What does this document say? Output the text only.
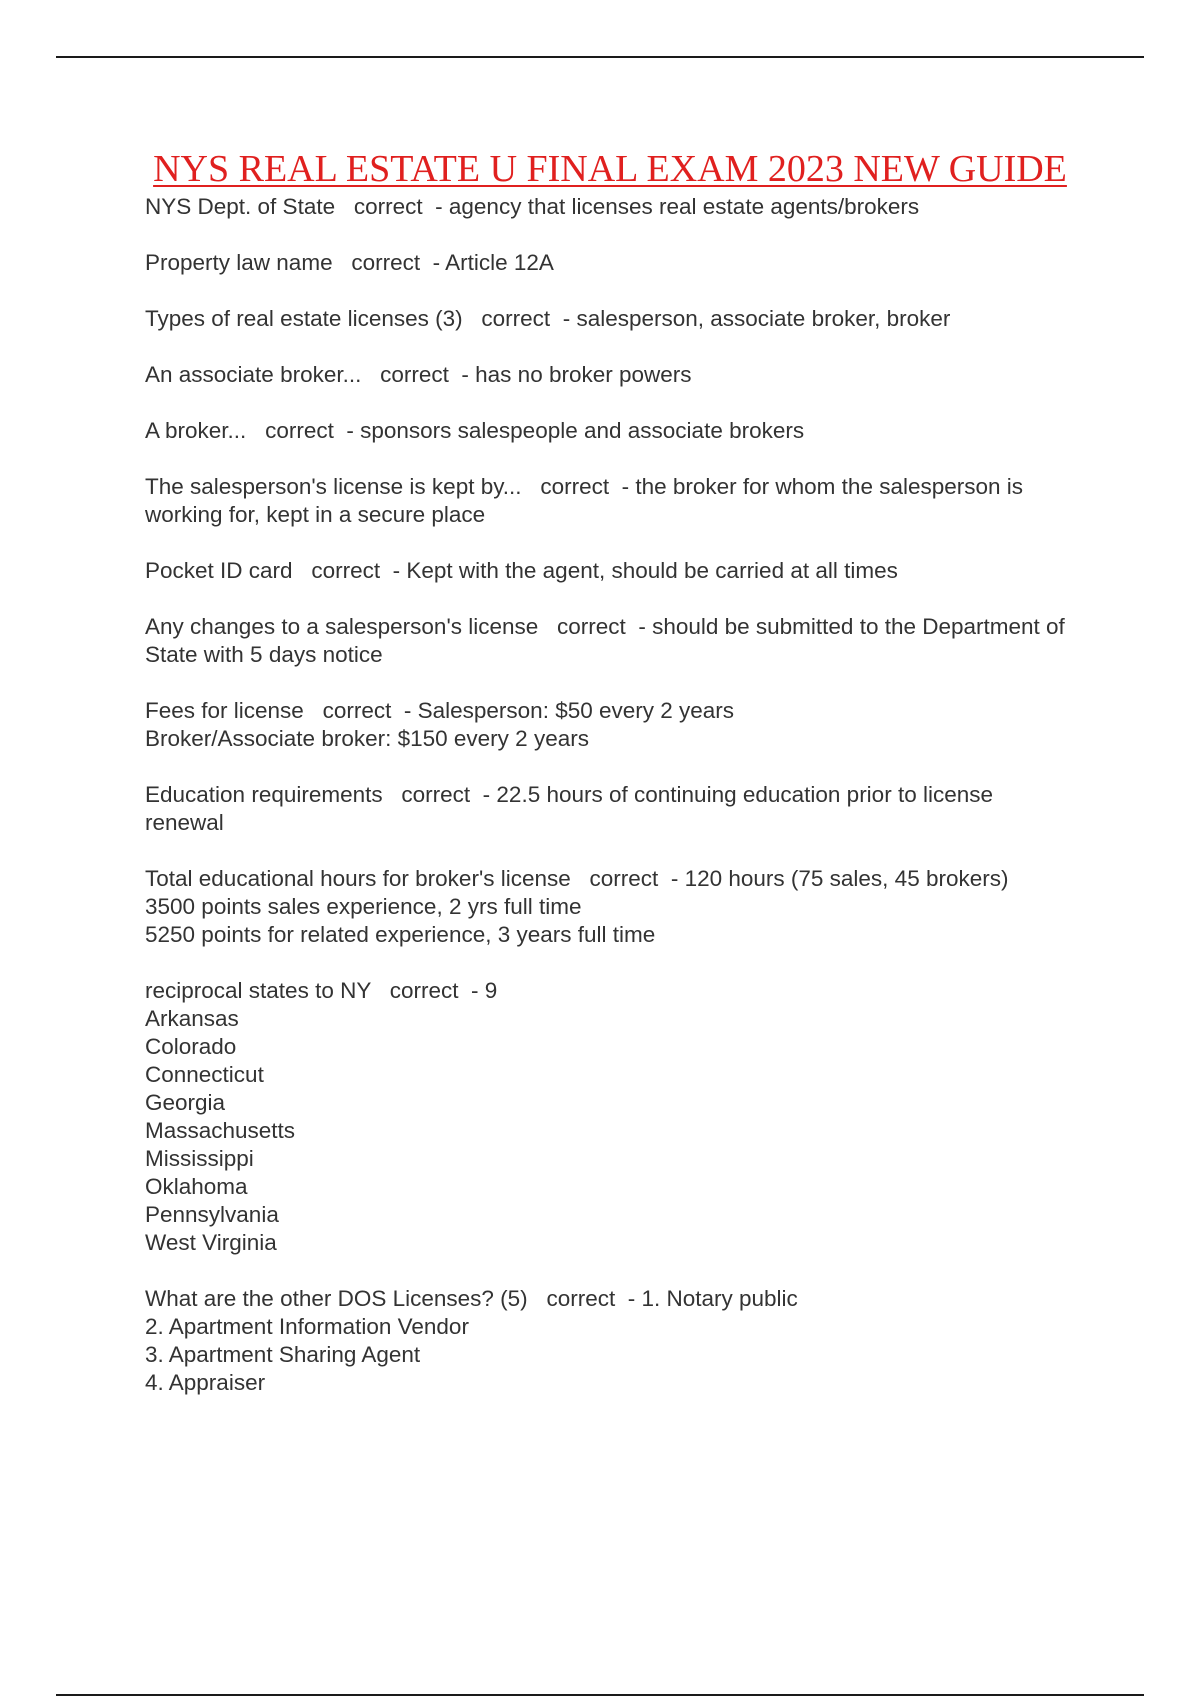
NYS REAL ESTATE U FINAL EXAM 2023 NEW GUIDE
NYS Dept. of State correct  - agency that licenses real estate agents/brokers
Property law name correct  - Article 12A
Types of real estate licenses (3) correct  - salesperson, associate broker, broker
An associate broker... correct  - has no broker powers
A broker... correct  - sponsors salespeople and associate brokers
The salesperson's license is kept by... correct  - the broker for whom the salesperson is working for, kept in a secure place
Pocket ID card correct  - Kept with the agent, should be carried at all times
Any changes to a salesperson's license correct  - should be submitted to the Department of State with 5 days notice
Fees for license correct  - Salesperson: $50 every 2 years
Broker/Associate broker: $150 every 2 years
Education requirements correct  - 22.5 hours of continuing education prior to license renewal
Total educational hours for broker's license correct  - 120 hours (75 sales, 45 brokers)
3500 points sales experience, 2 yrs full time
5250 points for related experience, 3 years full time
reciprocal states to NY correct  - 9
Arkansas
Colorado
Connecticut
Georgia
Massachusetts
Mississippi
Oklahoma
Pennsylvania
West Virginia
What are the other DOS Licenses? (5) correct  - 1. Notary public
2. Apartment Information Vendor
3. Apartment Sharing Agent
4. Appraiser
